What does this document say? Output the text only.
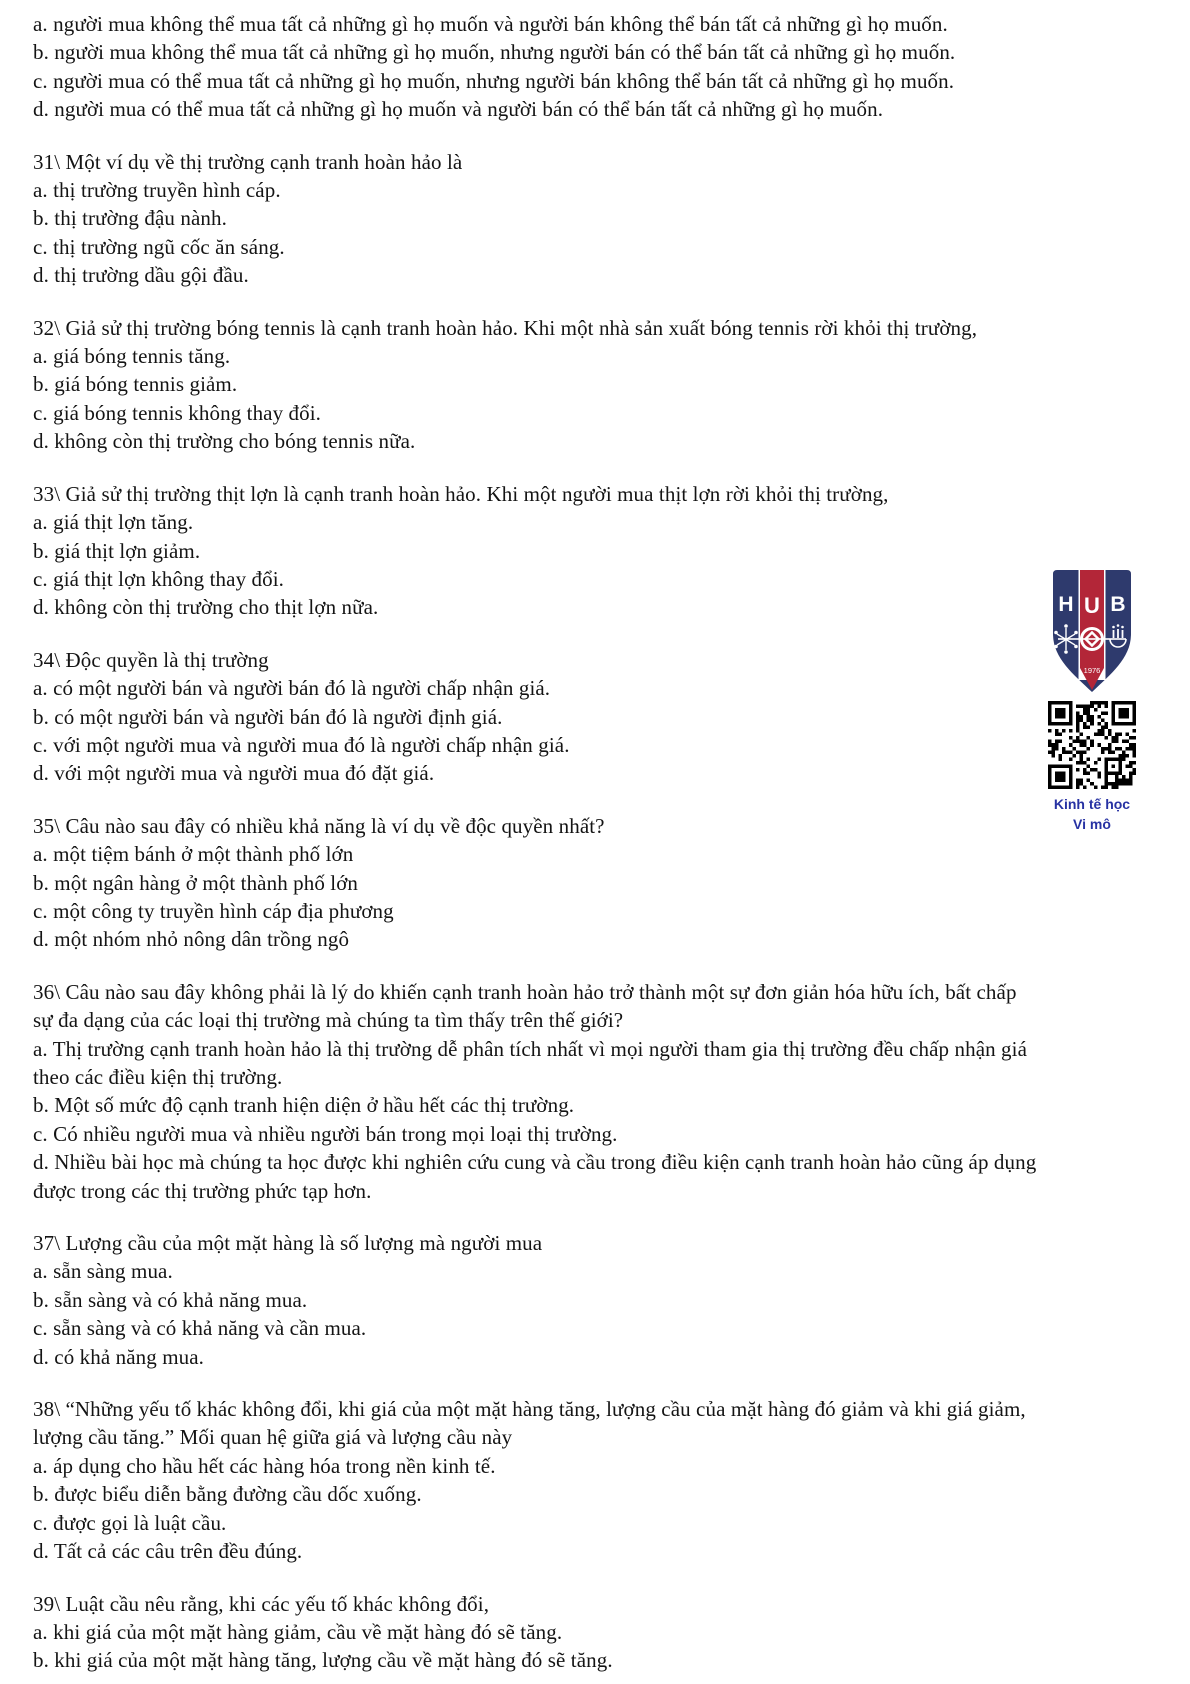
a. người mua không thể mua tất cả những gì họ muốn và người bán không thể bán tất cả những gì họ muốn.
b. người mua không thể mua tất cả những gì họ muốn, nhưng người bán có thể bán tất cả những gì họ muốn.
c. người mua có thể mua tất cả những gì họ muốn, nhưng người bán không thể bán tất cả những gì họ muốn.
d. người mua có thể mua tất cả những gì họ muốn và người bán có thể bán tất cả những gì họ muốn.
31\ Một ví dụ về thị trường cạnh tranh hoàn hảo là
a. thị trường truyền hình cáp.
b. thị trường đậu nành.
c. thị trường ngũ cốc ăn sáng.
d. thị trường dầu gội đầu.
32\ Giả sử thị trường bóng tennis là cạnh tranh hoàn hảo. Khi một nhà sản xuất bóng tennis rời khỏi thị trường,
a. giá bóng tennis tăng.
b. giá bóng tennis giảm.
c. giá bóng tennis không thay đổi.
d. không còn thị trường cho bóng tennis nữa.
33\ Giả sử thị trường thịt lợn là cạnh tranh hoàn hảo. Khi một người mua thịt lợn rời khỏi thị trường,
a. giá thịt lợn tăng.
b. giá thịt lợn giảm.
c. giá thịt lợn không thay đổi.
d. không còn thị trường cho thịt lợn nữa.
34\ Độc quyền là thị trường
a. có một người bán và người bán đó là người chấp nhận giá.
b. có một người bán và người bán đó là người định giá.
c. với một người mua và người mua đó là người chấp nhận giá.
d. với một người mua và người mua đó đặt giá.
35\ Câu nào sau đây có nhiều khả năng là ví dụ về độc quyền nhất?
a. một tiệm bánh ở một thành phố lớn
b. một ngân hàng ở một thành phố lớn
c. một công ty truyền hình cáp địa phương
d. một nhóm nhỏ nông dân trồng ngô
36\ Câu nào sau đây không phải là lý do khiến cạnh tranh hoàn hảo trở thành một sự đơn giản hóa hữu ích, bất chấp
sự đa dạng của các loại thị trường mà chúng ta tìm thấy trên thế giới?
a. Thị trường cạnh tranh hoàn hảo là thị trường dễ phân tích nhất vì mọi người tham gia thị trường đều chấp nhận giá
theo các điều kiện thị trường.
b. Một số mức độ cạnh tranh hiện diện ở hầu hết các thị trường.
c. Có nhiều người mua và nhiều người bán trong mọi loại thị trường.
d. Nhiều bài học mà chúng ta học được khi nghiên cứu cung và cầu trong điều kiện cạnh tranh hoàn hảo cũng áp dụng
được trong các thị trường phức tạp hơn.
37\ Lượng cầu của một mặt hàng là số lượng mà người mua
a. sẵn sàng mua.
b. sẵn sàng và có khả năng mua.
c. sẵn sàng và có khả năng và cần mua.
d. có khả năng mua.
38\ “Những yếu tố khác không đổi, khi giá của một mặt hàng tăng, lượng cầu của mặt hàng đó giảm và khi giá giảm,
lượng cầu tăng.” Mối quan hệ giữa giá và lượng cầu này
a. áp dụng cho hầu hết các hàng hóa trong nền kinh tế.
b. được biểu diễn bằng đường cầu dốc xuống.
c. được gọi là luật cầu.
d. Tất cả các câu trên đều đúng.
39\ Luật cầu nêu rằng, khi các yếu tố khác không đổi,
a. khi giá của một mặt hàng giảm, cầu về mặt hàng đó sẽ tăng.
b. khi giá của một mặt hàng tăng, lượng cầu về mặt hàng đó sẽ tăng.
H U B
1976
Kinh tế học
Vi mô
